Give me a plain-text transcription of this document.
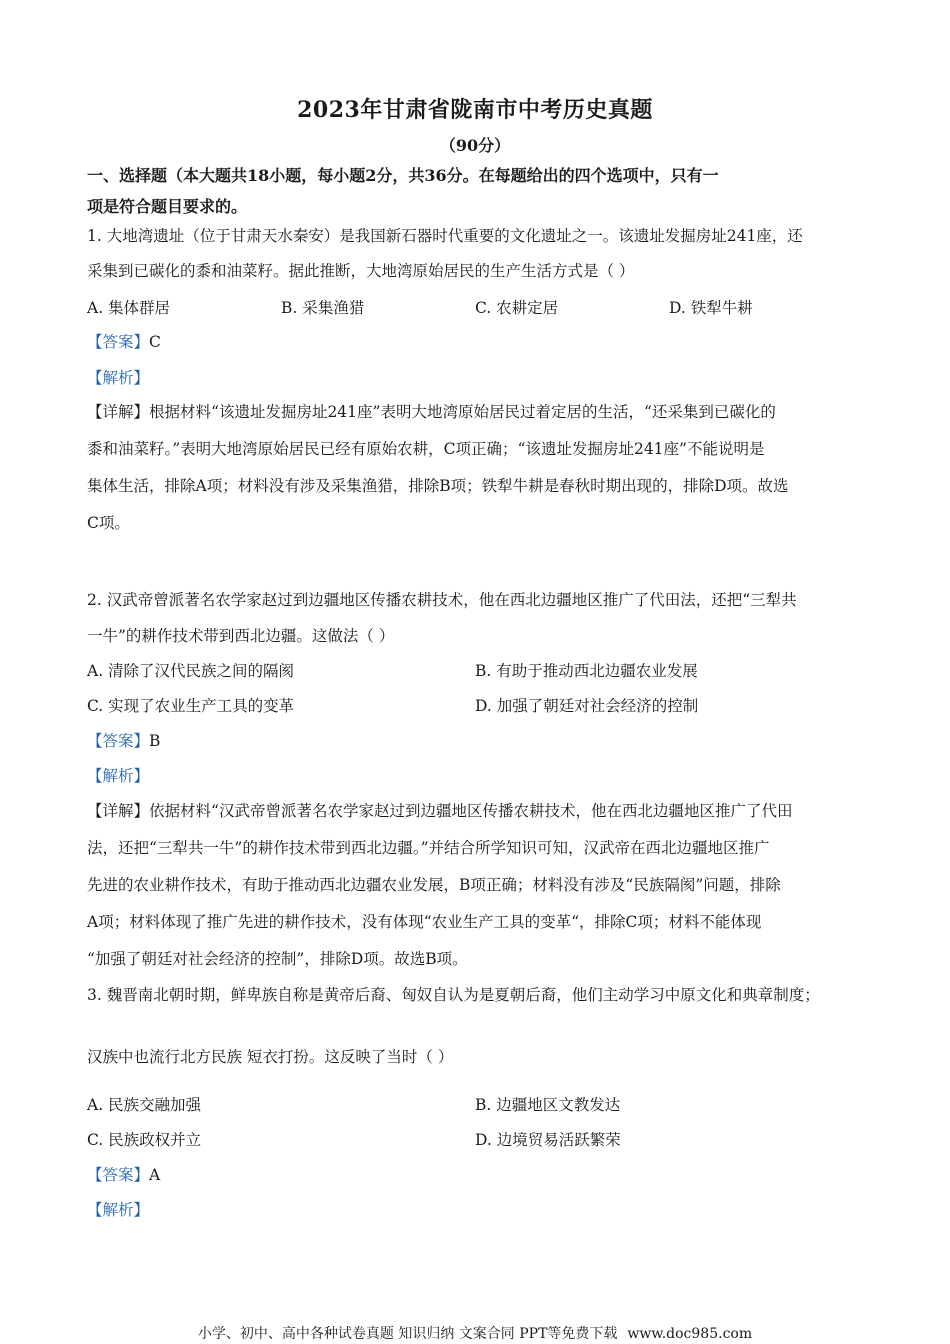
2023年甘肃省陇南市中考历史真题
（90分）
一、选择题（本大题共18小题，每小题2分，共36分。在每题给出的四个选项中，只有一
项是符合题目要求的。
1. 大地湾遗址（位于甘肃天水秦安）是我国新石器时代重要的文化遗址之一。该遗址发掘房址241座，还
采集到已碳化的黍和油菜籽。据此推断，大地湾原始居民的生产生活方式是（ ）
A. 集体群居	B. 采集渔猎	C. 农耕定居	D. 铁犁牛耕
【答案】C
【解析】
【详解】根据材料“该遗址发掘房址241座”表明大地湾原始居民过着定居的生活，“还采集到已碳化的
黍和油菜籽。”表明大地湾原始居民已经有原始农耕，C项正确；“该遗址发掘房址241座”不能说明是
集体生活，排除A项；材料没有涉及采集渔猎，排除B项；铁犁牛耕是春秋时期出现的，排除D项。故选
C项。
2. 汉武帝曾派著名农学家赵过到边疆地区传播农耕技术，他在西北边疆地区推广了代田法，还把“三犁共
一牛”的耕作技术带到西北边疆。这做法（ ）
A. 清除了汉代民族之间的隔阂	B. 有助于推动西北边疆农业发展
C. 实现了农业生产工具的变革	D. 加强了朝廷对社会经济的控制
【答案】B
【解析】
【详解】依据材料“汉武帝曾派著名农学家赵过到边疆地区传播农耕技术，他在西北边疆地区推广了代田
法，还把“三犁共一牛”的耕作技术带到西北边疆。”并结合所学知识可知，汉武帝在西北边疆地区推广
先进的农业耕作技术，有助于推动西北边疆农业发展，B项正确；材料没有涉及“民族隔阂”问题，排除
A项；材料体现了推广先进的耕作技术，没有体现“农业生产工具的变革“，排除C项；材料不能体现
“加强了朝廷对社会经济的控制”，排除D项。故选B项。
3. 魏晋南北朝时期，鲜卑族自称是黄帝后裔、匈奴自认为是夏朝后裔，他们主动学习中原文化和典章制度；
汉族中也流行北方民族 短衣打扮。这反映了当时（ ）
A. 民族交融加强	B. 边疆地区文教发达
C. 民族政权并立	D. 边境贸易活跃繁荣
【答案】A
【解析】
小学、初中、高中各种试卷真题 知识归纳 文案合同 PPT等免费下载 www.doc985.com
